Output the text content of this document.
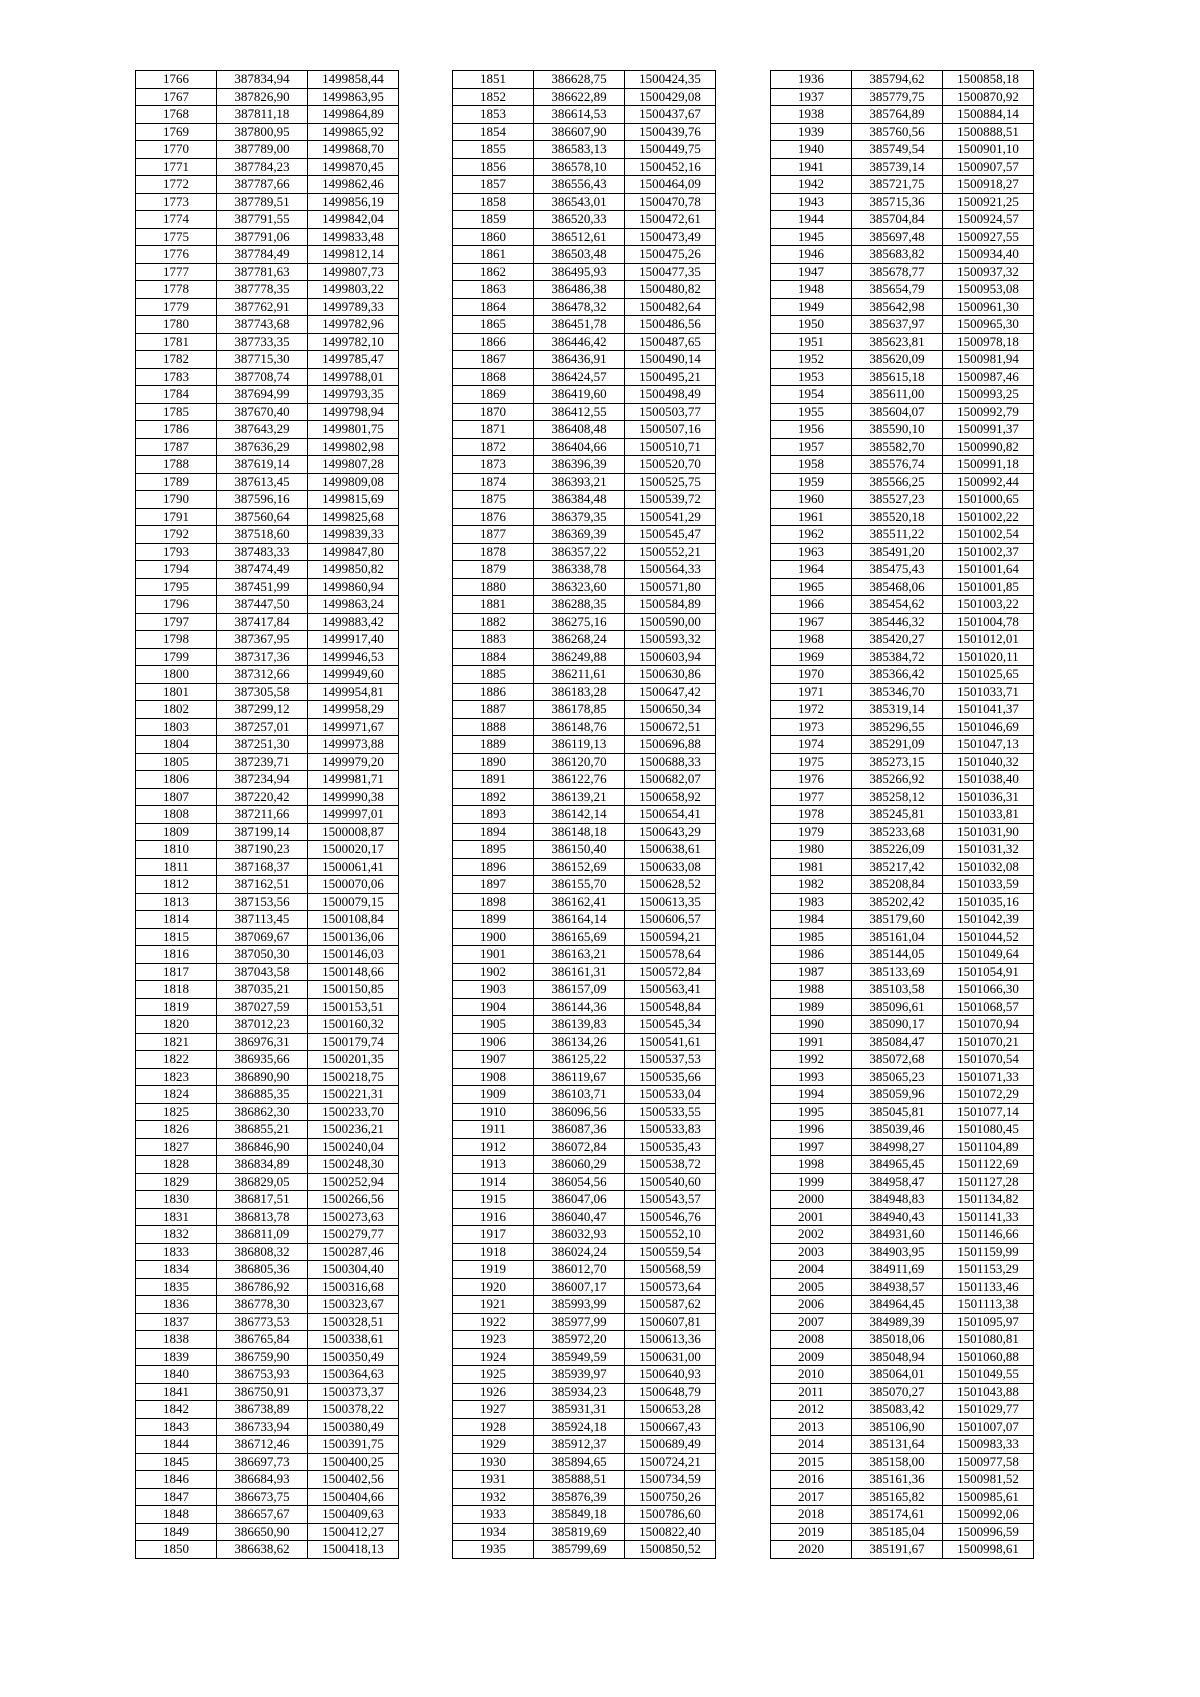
1766	387834,94	1499858,44
1767	387826,90	1499863,95
1768	387811,18	1499864,89
1769	387800,95	1499865,92
1770	387789,00	1499868,70
1771	387784,23	1499870,45
1772	387787,66	1499862,46
1773	387789,51	1499856,19
1774	387791,55	1499842,04
1775	387791,06	1499833,48
1776	387784,49	1499812,14
1777	387781,63	1499807,73
1778	387778,35	1499803,22
1779	387762,91	1499789,33
1780	387743,68	1499782,96
1781	387733,35	1499782,10
1782	387715,30	1499785,47
1783	387708,74	1499788,01
1784	387694,99	1499793,35
1785	387670,40	1499798,94
1786	387643,29	1499801,75
1787	387636,29	1499802,98
1788	387619,14	1499807,28
1789	387613,45	1499809,08
1790	387596,16	1499815,69
1791	387560,64	1499825,68
1792	387518,60	1499839,33
1793	387483,33	1499847,80
1794	387474,49	1499850,82
1795	387451,99	1499860,94
1796	387447,50	1499863,24
1797	387417,84	1499883,42
1798	387367,95	1499917,40
1799	387317,36	1499946,53
1800	387312,66	1499949,60
1801	387305,58	1499954,81
1802	387299,12	1499958,29
1803	387257,01	1499971,67
1804	387251,30	1499973,88
1805	387239,71	1499979,20
1806	387234,94	1499981,71
1807	387220,42	1499990,38
1808	387211,66	1499997,01
1809	387199,14	1500008,87
1810	387190,23	1500020,17
1811	387168,37	1500061,41
1812	387162,51	1500070,06
1813	387153,56	1500079,15
1814	387113,45	1500108,84
1815	387069,67	1500136,06
1816	387050,30	1500146,03
1817	387043,58	1500148,66
1818	387035,21	1500150,85
1819	387027,59	1500153,51
1820	387012,23	1500160,32
1821	386976,31	1500179,74
1822	386935,66	1500201,35
1823	386890,90	1500218,75
1824	386885,35	1500221,31
1825	386862,30	1500233,70
1826	386855,21	1500236,21
1827	386846,90	1500240,04
1828	386834,89	1500248,30
1829	386829,05	1500252,94
1830	386817,51	1500266,56
1831	386813,78	1500273,63
1832	386811,09	1500279,77
1833	386808,32	1500287,46
1834	386805,36	1500304,40
1835	386786,92	1500316,68
1836	386778,30	1500323,67
1837	386773,53	1500328,51
1838	386765,84	1500338,61
1839	386759,90	1500350,49
1840	386753,93	1500364,63
1841	386750,91	1500373,37
1842	386738,89	1500378,22
1843	386733,94	1500380,49
1844	386712,46	1500391,75
1845	386697,73	1500400,25
1846	386684,93	1500402,56
1847	386673,75	1500404,66
1848	386657,67	1500409,63
1849	386650,90	1500412,27
1850	386638,62	1500418,13
1851	386628,75	1500424,35
1852	386622,89	1500429,08
1853	386614,53	1500437,67
1854	386607,90	1500439,76
1855	386583,13	1500449,75
1856	386578,10	1500452,16
1857	386556,43	1500464,09
1858	386543,01	1500470,78
1859	386520,33	1500472,61
1860	386512,61	1500473,49
1861	386503,48	1500475,26
1862	386495,93	1500477,35
1863	386486,38	1500480,82
1864	386478,32	1500482,64
1865	386451,78	1500486,56
1866	386446,42	1500487,65
1867	386436,91	1500490,14
1868	386424,57	1500495,21
1869	386419,60	1500498,49
1870	386412,55	1500503,77
1871	386408,48	1500507,16
1872	386404,66	1500510,71
1873	386396,39	1500520,70
1874	386393,21	1500525,75
1875	386384,48	1500539,72
1876	386379,35	1500541,29
1877	386369,39	1500545,47
1878	386357,22	1500552,21
1879	386338,78	1500564,33
1880	386323,60	1500571,80
1881	386288,35	1500584,89
1882	386275,16	1500590,00
1883	386268,24	1500593,32
1884	386249,88	1500603,94
1885	386211,61	1500630,86
1886	386183,28	1500647,42
1887	386178,85	1500650,34
1888	386148,76	1500672,51
1889	386119,13	1500696,88
1890	386120,70	1500688,33
1891	386122,76	1500682,07
1892	386139,21	1500658,92
1893	386142,14	1500654,41
1894	386148,18	1500643,29
1895	386150,40	1500638,61
1896	386152,69	1500633,08
1897	386155,70	1500628,52
1898	386162,41	1500613,35
1899	386164,14	1500606,57
1900	386165,69	1500594,21
1901	386163,21	1500578,64
1902	386161,31	1500572,84
1903	386157,09	1500563,41
1904	386144,36	1500548,84
1905	386139,83	1500545,34
1906	386134,26	1500541,61
1907	386125,22	1500537,53
1908	386119,67	1500535,66
1909	386103,71	1500533,04
1910	386096,56	1500533,55
1911	386087,36	1500533,83
1912	386072,84	1500535,43
1913	386060,29	1500538,72
1914	386054,56	1500540,60
1915	386047,06	1500543,57
1916	386040,47	1500546,76
1917	386032,93	1500552,10
1918	386024,24	1500559,54
1919	386012,70	1500568,59
1920	386007,17	1500573,64
1921	385993,99	1500587,62
1922	385977,99	1500607,81
1923	385972,20	1500613,36
1924	385949,59	1500631,00
1925	385939,97	1500640,93
1926	385934,23	1500648,79
1927	385931,31	1500653,28
1928	385924,18	1500667,43
1929	385912,37	1500689,49
1930	385894,65	1500724,21
1931	385888,51	1500734,59
1932	385876,39	1500750,26
1933	385849,18	1500786,60
1934	385819,69	1500822,40
1935	385799,69	1500850,52
1936	385794,62	1500858,18
1937	385779,75	1500870,92
1938	385764,89	1500884,14
1939	385760,56	1500888,51
1940	385749,54	1500901,10
1941	385739,14	1500907,57
1942	385721,75	1500918,27
1943	385715,36	1500921,25
1944	385704,84	1500924,57
1945	385697,48	1500927,55
1946	385683,82	1500934,40
1947	385678,77	1500937,32
1948	385654,79	1500953,08
1949	385642,98	1500961,30
1950	385637,97	1500965,30
1951	385623,81	1500978,18
1952	385620,09	1500981,94
1953	385615,18	1500987,46
1954	385611,00	1500993,25
1955	385604,07	1500992,79
1956	385590,10	1500991,37
1957	385582,70	1500990,82
1958	385576,74	1500991,18
1959	385566,25	1500992,44
1960	385527,23	1501000,65
1961	385520,18	1501002,22
1962	385511,22	1501002,54
1963	385491,20	1501002,37
1964	385475,43	1501001,64
1965	385468,06	1501001,85
1966	385454,62	1501003,22
1967	385446,32	1501004,78
1968	385420,27	1501012,01
1969	385384,72	1501020,11
1970	385366,42	1501025,65
1971	385346,70	1501033,71
1972	385319,14	1501041,37
1973	385296,55	1501046,69
1974	385291,09	1501047,13
1975	385273,15	1501040,32
1976	385266,92	1501038,40
1977	385258,12	1501036,31
1978	385245,81	1501033,81
1979	385233,68	1501031,90
1980	385226,09	1501031,32
1981	385217,42	1501032,08
1982	385208,84	1501033,59
1983	385202,42	1501035,16
1984	385179,60	1501042,39
1985	385161,04	1501044,52
1986	385144,05	1501049,64
1987	385133,69	1501054,91
1988	385103,58	1501066,30
1989	385096,61	1501068,57
1990	385090,17	1501070,94
1991	385084,47	1501070,21
1992	385072,68	1501070,54
1993	385065,23	1501071,33
1994	385059,96	1501072,29
1995	385045,81	1501077,14
1996	385039,46	1501080,45
1997	384998,27	1501104,89
1998	384965,45	1501122,69
1999	384958,47	1501127,28
2000	384948,83	1501134,82
2001	384940,43	1501141,33
2002	384931,60	1501146,66
2003	384903,95	1501159,99
2004	384911,69	1501153,29
2005	384938,57	1501133,46
2006	384964,45	1501113,38
2007	384989,39	1501095,97
2008	385018,06	1501080,81
2009	385048,94	1501060,88
2010	385064,01	1501049,55
2011	385070,27	1501043,88
2012	385083,42	1501029,77
2013	385106,90	1501007,07
2014	385131,64	1500983,33
2015	385158,00	1500977,58
2016	385161,36	1500981,52
2017	385165,82	1500985,61
2018	385174,61	1500992,06
2019	385185,04	1500996,59
2020	385191,67	1500998,61
